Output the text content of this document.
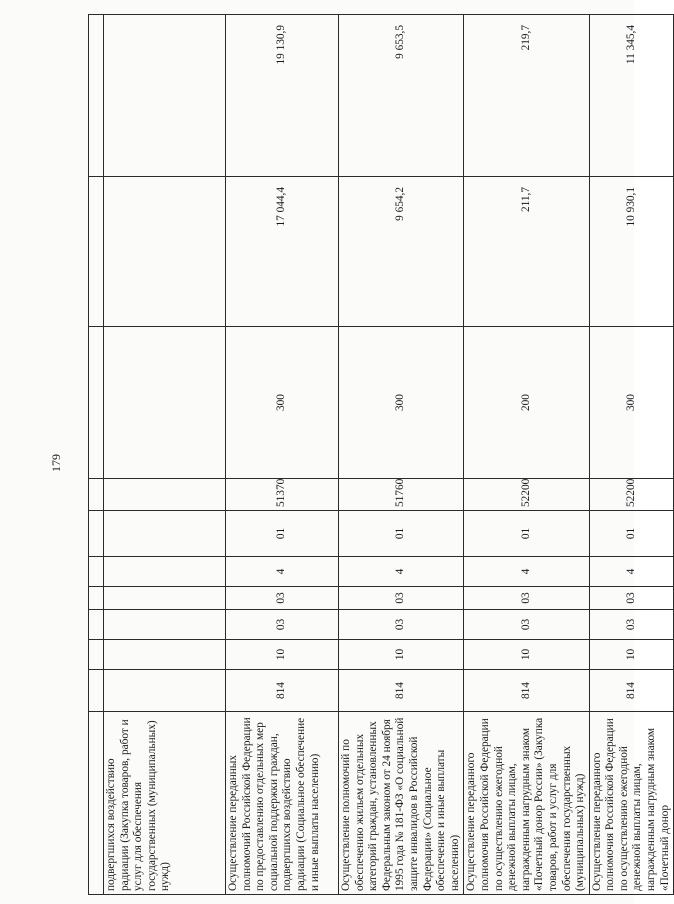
179

подвергшихся воздействию радиации (Закупка товаров, работ и услуг для обеспечения государственных (муниципальных) нужд)											
Осуществление переданных полномочий Российской Федерации по предоставлению отдельных мер социальной поддержки граждан, подвергшихся воздействию радиации (Социальное обеспечение и иные выплаты населению)	814	10	03	03	4	01	51370	300	17 044,4	19 130,9	
Осуществление полномочий по обеспечению жильем отдельных категорий граждан, установленных Федеральным законом от 24 ноября 1995 года № 181-ФЗ «О социальной защите инвалидов в Российской Федерации» (Социальное обеспечение и иные выплаты населению)	814	10	03	03	4	01	51760	300	9 654,2	9 653,5	
Осуществление переданного полномочия Российской Федерации по осуществлению ежегодной денежной выплаты лицам, награжденным нагрудным знаком «Почетный донор России» (Закупка товаров, работ и услуг для обеспечения государственных (муниципальных) нужд)	814	10	03	03	4	01	52200	200	211,7	219,7	
Осуществление переданного полномочия Российской Федерации по осуществлению ежегодной денежной выплаты лицам, награжденным нагрудным знаком «Почетный донор	814	10	03	03	4	01	52200	300	10 930,1	11 345,4	
